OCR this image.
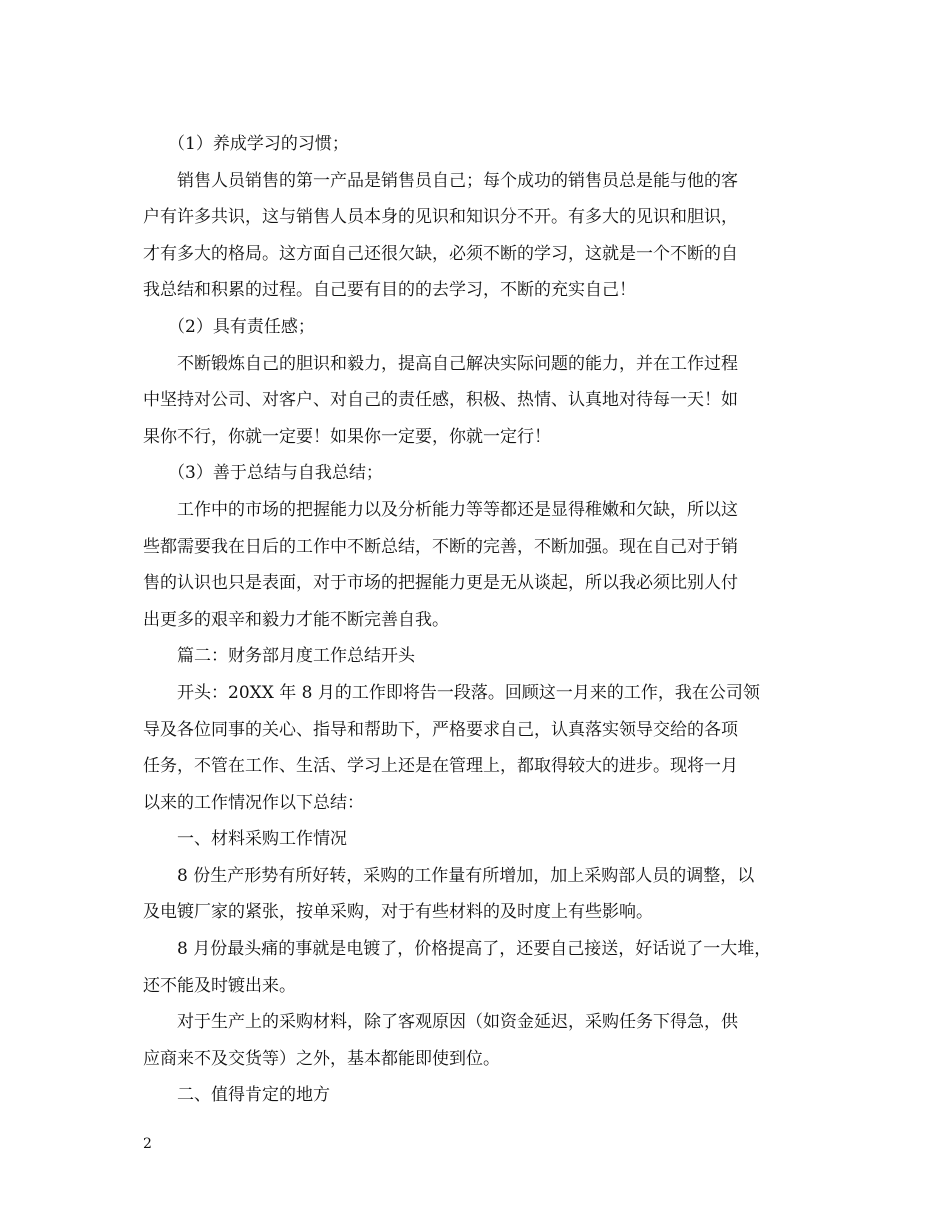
（1）养成学习的习惯；
销售人员销售的第一产品是销售员自己；每个成功的销售员总是能与他的客
户有许多共识，这与销售人员本身的见识和知识分不开。有多大的见识和胆识，
才有多大的格局。这方面自己还很欠缺，必须不断的学习，这就是一个不断的自
我总结和积累的过程。自己要有目的的去学习，不断的充实自己！
（2）具有责任感；
不断锻炼自己的胆识和毅力，提高自己解决实际问题的能力，并在工作过程
中坚持对公司、对客户、对自己的责任感，积极、热情、认真地对待每一天！如
果你不行，你就一定要！如果你一定要，你就一定行！
（3）善于总结与自我总结；
工作中的市场的把握能力以及分析能力等等都还是显得稚嫩和欠缺，所以这
些都需要我在日后的工作中不断总结，不断的完善，不断加强。现在自己对于销
售的认识也只是表面，对于市场的把握能力更是无从谈起，所以我必须比别人付
出更多的艰辛和毅力才能不断完善自我。
篇二：财务部月度工作总结开头
开头：20XX 年 8 月的工作即将告一段落。回顾这一月来的工作，我在公司领
导及各位同事的关心、指导和帮助下，严格要求自己，认真落实领导交给的各项
任务，不管在工作、生活、学习上还是在管理上，都取得较大的进步。现将一月
以来的工作情况作以下总结：
一、材料采购工作情况
8 份生产形势有所好转，采购的工作量有所增加，加上采购部人员的调整，以
及电镀厂家的紧张，按单采购，对于有些材料的及时度上有些影响。
8 月份最头痛的事就是电镀了，价格提高了，还要自己接送，好话说了一大堆，
还不能及时镀出来。
对于生产上的采购材料，除了客观原因（如资金延迟，采购任务下得急，供
应商来不及交货等）之外，基本都能即使到位。
二、值得肯定的地方
2
